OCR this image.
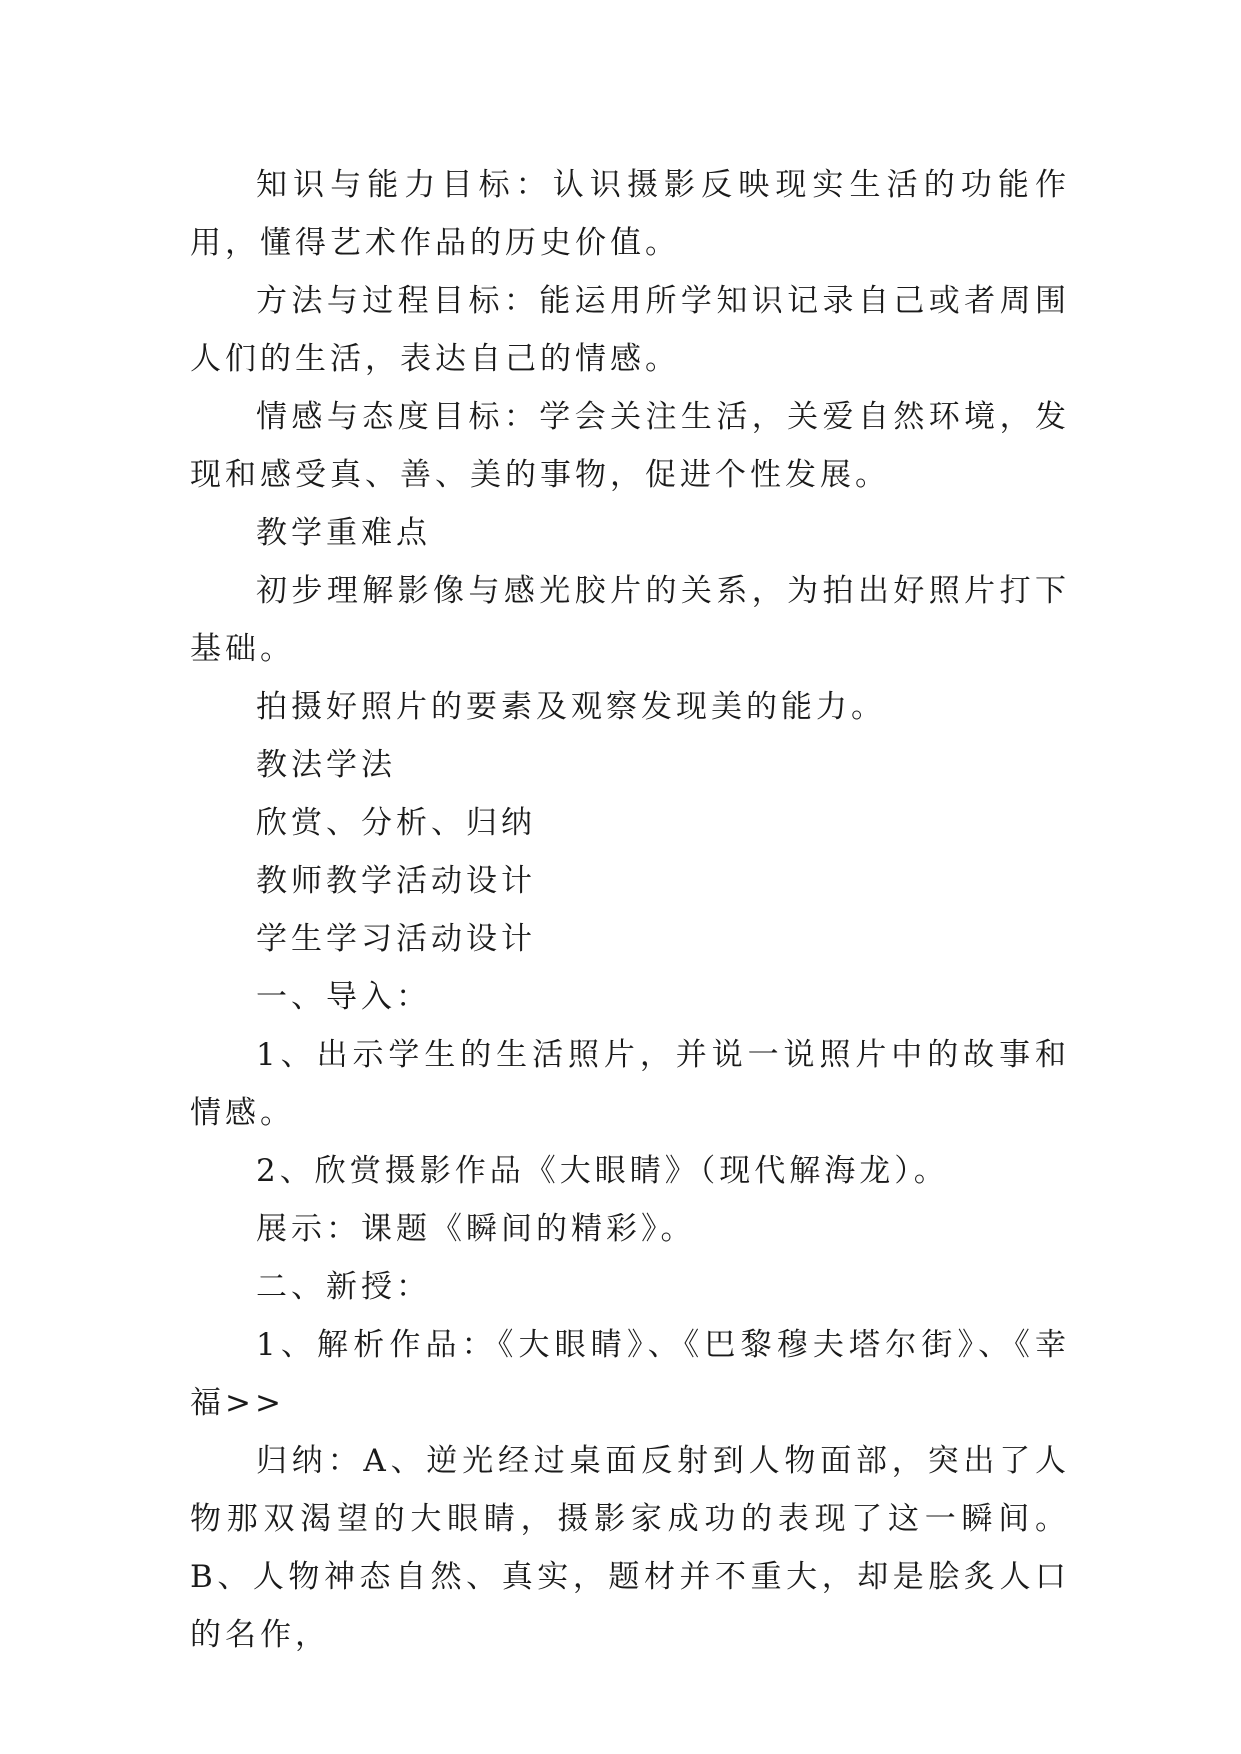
知识与能力目标：认识摄影反映现实生活的功能作用，懂得艺术作品的历史价值。

方法与过程目标：能运用所学知识记录自己或者周围人们的生活，表达自己的情感。

情感与态度目标：学会关注生活，关爱自然环境，发现和感受真、善、美的事物，促进个性发展。

教学重难点

初步理解影像与感光胶片的关系，为拍出好照片打下基础。

拍摄好照片的要素及观察发现美的能力。

教法学法

欣赏、分析、归纳

教师教学活动设计

学生学习活动设计

一、导入：

1、出示学生的生活照片，并说一说照片中的故事和情感。

2、欣赏摄影作品《大眼睛》（现代解海龙）。

展示：课题《瞬间的精彩》。

二、新授：

1、解析作品：《大眼睛》、《巴黎穆夫塔尔街》、《幸福>>

归纳：A、逆光经过桌面反射到人物面部，突出了人物那双渴望的大眼睛，摄影家成功的表现了这一瞬间。B、人物神态自然、真实，题材并不重大，却是脍炙人口的名作，
